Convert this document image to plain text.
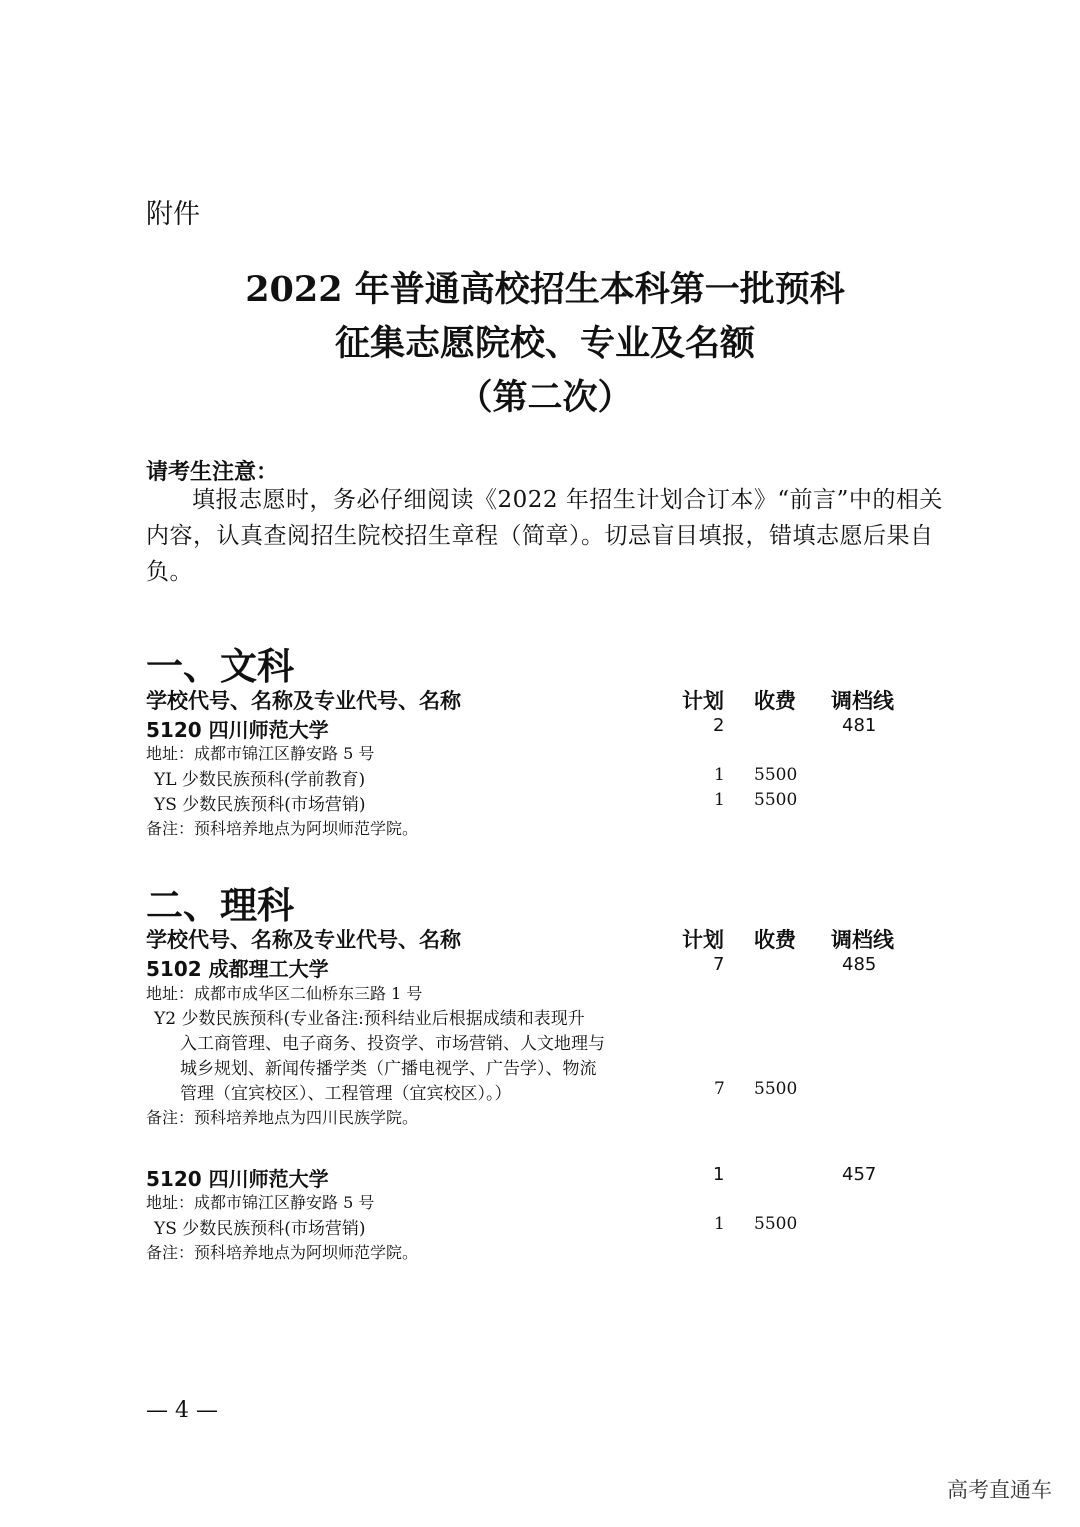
附件
2022 年普通高校招生本科第一批预科
征集志愿院校、专业及名额
（第二次）
请考生注意：
填报志愿时，务必仔细阅读《2022 年招生计划合订本》“前言”中的相关内容，认真查阅招生院校招生章程（简章）。切忌盲目填报，错填志愿后果自负。
一、文科
学校代号、名称及专业代号、名称	计划 收费 调档线
5120 四川师范大学	2	481
地址：成都市锦江区静安路 5 号
YL 少数民族预科(学前教育)	1 5500
YS 少数民族预科(市场营销)	1 5500
备注：预科培养地点为阿坝师范学院。
二、理科
学校代号、名称及专业代号、名称	计划 收费 调档线
5102 成都理工大学	7	485
地址：成都市成华区二仙桥东三路 1 号
Y2 少数民族预科(专业备注:预科结业后根据成绩和表现升
入工商管理、电子商务、投资学、市场营销、人文地理与
城乡规划、新闻传播学类（广播电视学、广告学）、物流
管理（宜宾校区）、工程管理（宜宾校区）。）	7 5500
备注：预科培养地点为四川民族学院。
5120 四川师范大学	1	457
地址：成都市锦江区静安路 5 号
YS 少数民族预科(市场营销)	1 5500
备注：预科培养地点为阿坝师范学院。
— 4 —
高考直通车
